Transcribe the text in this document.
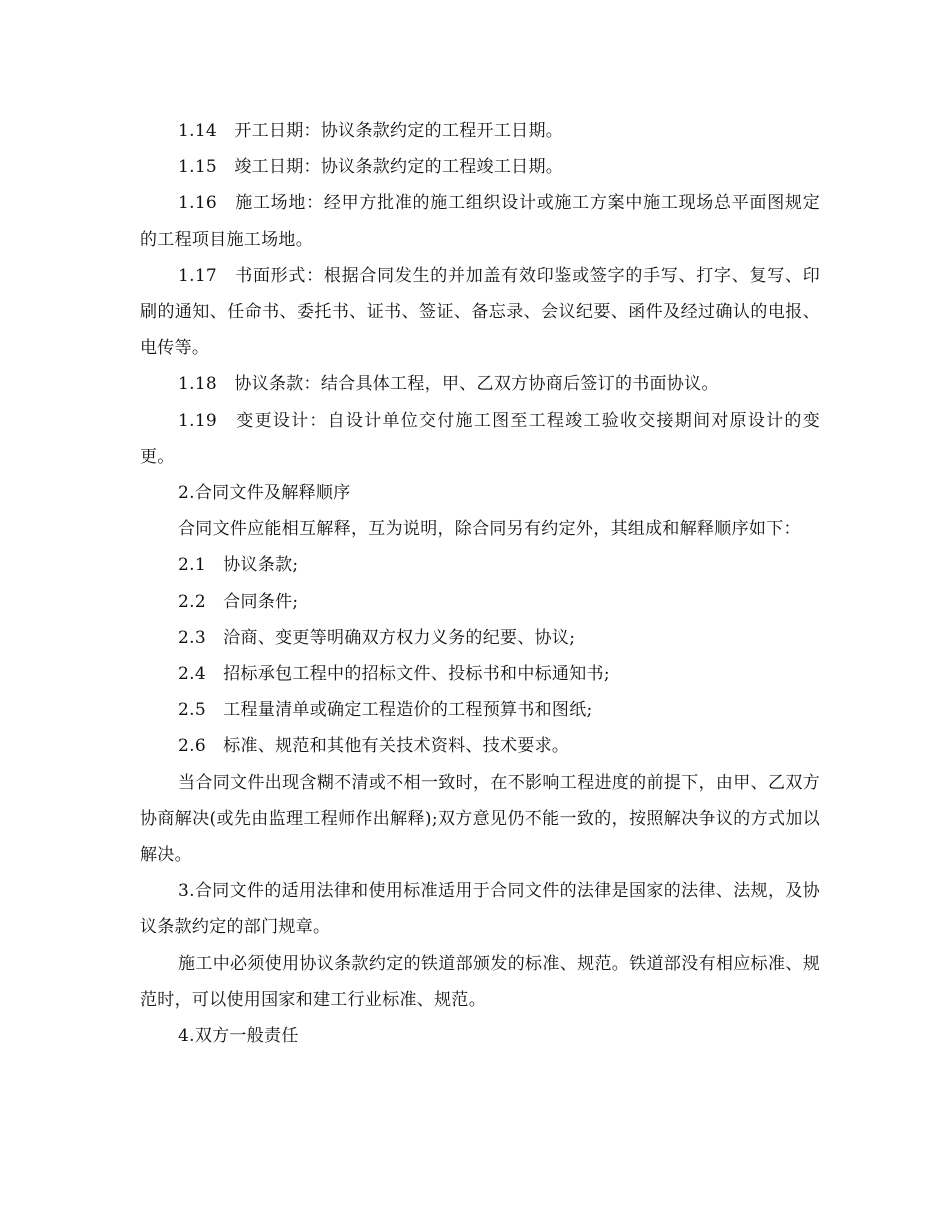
1.14　开工日期：协议条款约定的工程开工日期。

1.15　竣工日期：协议条款约定的工程竣工日期。

1.16　施工场地：经甲方批准的施工组织设计或施工方案中施工现场总平面图规定的工程项目施工场地。

1.17　书面形式：根据合同发生的并加盖有效印鉴或签字的手写、打字、复写、印刷的通知、任命书、委托书、证书、签证、备忘录、会议纪要、函件及经过确认的电报、电传等。

1.18　协议条款：结合具体工程，甲、乙双方协商后签订的书面协议。

1.19　变更设计：自设计单位交付施工图至工程竣工验收交接期间对原设计的变更。

2.合同文件及解释顺序

合同文件应能相互解释，互为说明，除合同另有约定外，其组成和解释顺序如下：

2.1　协议条款;

2.2　合同条件;

2.3　洽商、变更等明确双方权力义务的纪要、协议;

2.4　招标承包工程中的招标文件、投标书和中标通知书;

2.5　工程量清单或确定工程造价的工程预算书和图纸;

2.6　标准、规范和其他有关技术资料、技术要求。

当合同文件出现含糊不清或不相一致时，在不影响工程进度的前提下，由甲、乙双方协商解决(或先由监理工程师作出解释);双方意见仍不能一致的，按照解决争议的方式加以解决。

3.合同文件的适用法律和使用标准适用于合同文件的法律是国家的法律、法规，及协议条款约定的部门规章。

施工中必须使用协议条款约定的铁道部颁发的标准、规范。铁道部没有相应标准、规范时，可以使用国家和建工行业标准、规范。

4.双方一般责任
